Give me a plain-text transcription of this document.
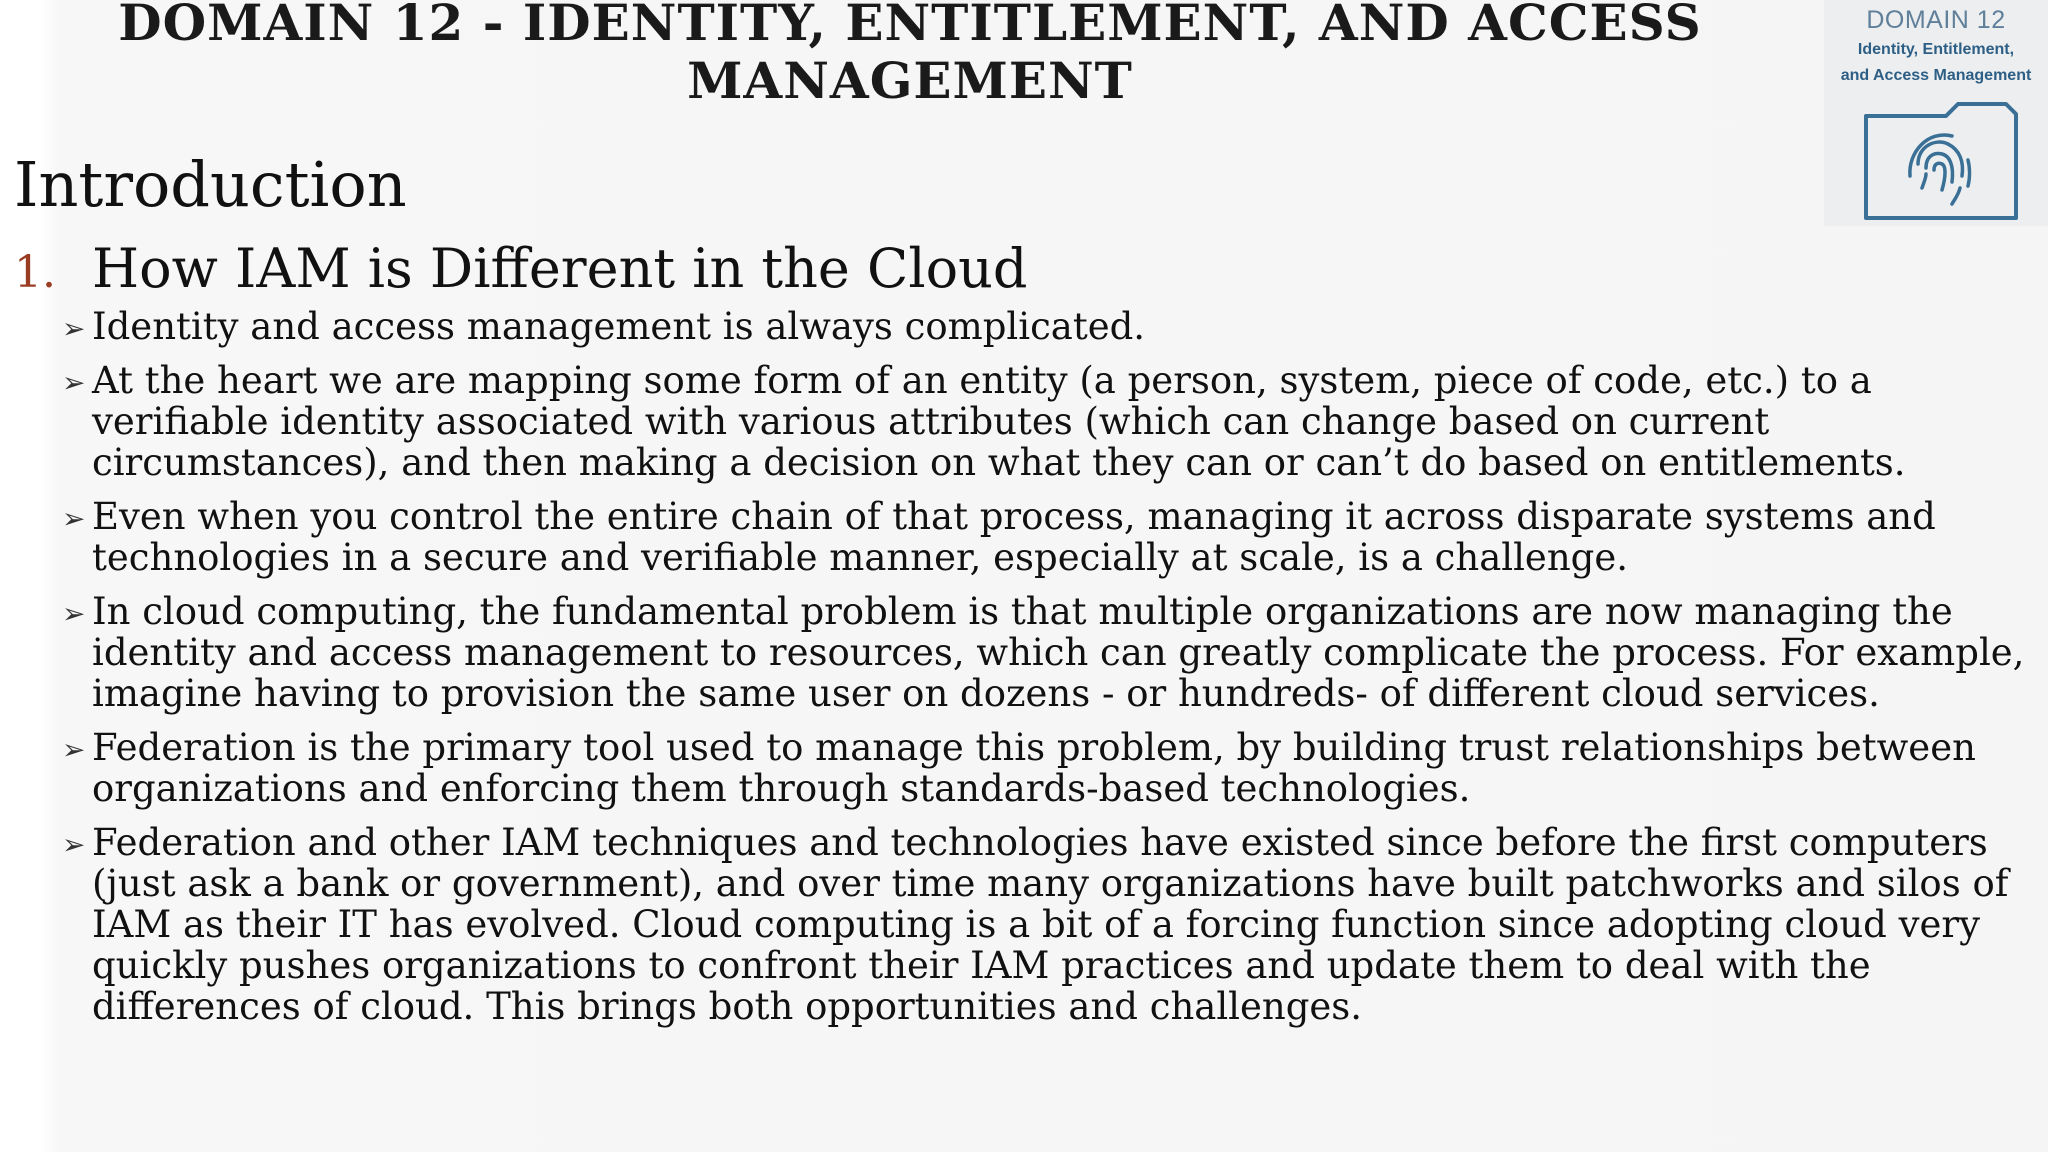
DOMAIN 12 - IDENTITY, ENTITLEMENT, AND ACCESS MANAGEMENT
Introduction
1. How IAM is Different in the Cloud
➢ Identity and access management is always complicated.
➢ At the heart we are mapping some form of an entity (a person, system, piece of code, etc.) to a verifiable identity associated with various attributes (which can change based on current circumstances), and then making a decision on what they can or can’t do based on entitlements.
➢ Even when you control the entire chain of that process, managing it across disparate systems and technologies in a secure and verifiable manner, especially at scale, is a challenge.
➢ In cloud computing, the fundamental problem is that multiple organizations are now managing the identity and access management to resources, which can greatly complicate the process. For example, imagine having to provision the same user on dozens - or hundreds- of different cloud services.
➢ Federation is the primary tool used to manage this problem, by building trust relationships between organizations and enforcing them through standards-based technologies.
➢ Federation and other IAM techniques and technologies have existed since before the first computers (just ask a bank or government), and over time many organizations have built patchworks and silos of IAM as their IT has evolved. Cloud computing is a bit of a forcing function since adopting cloud very quickly pushes organizations to confront their IAM practices and update them to deal with the differences of cloud. This brings both opportunities and challenges.
DOMAIN 12
Identity, Entitlement,
and Access Management
